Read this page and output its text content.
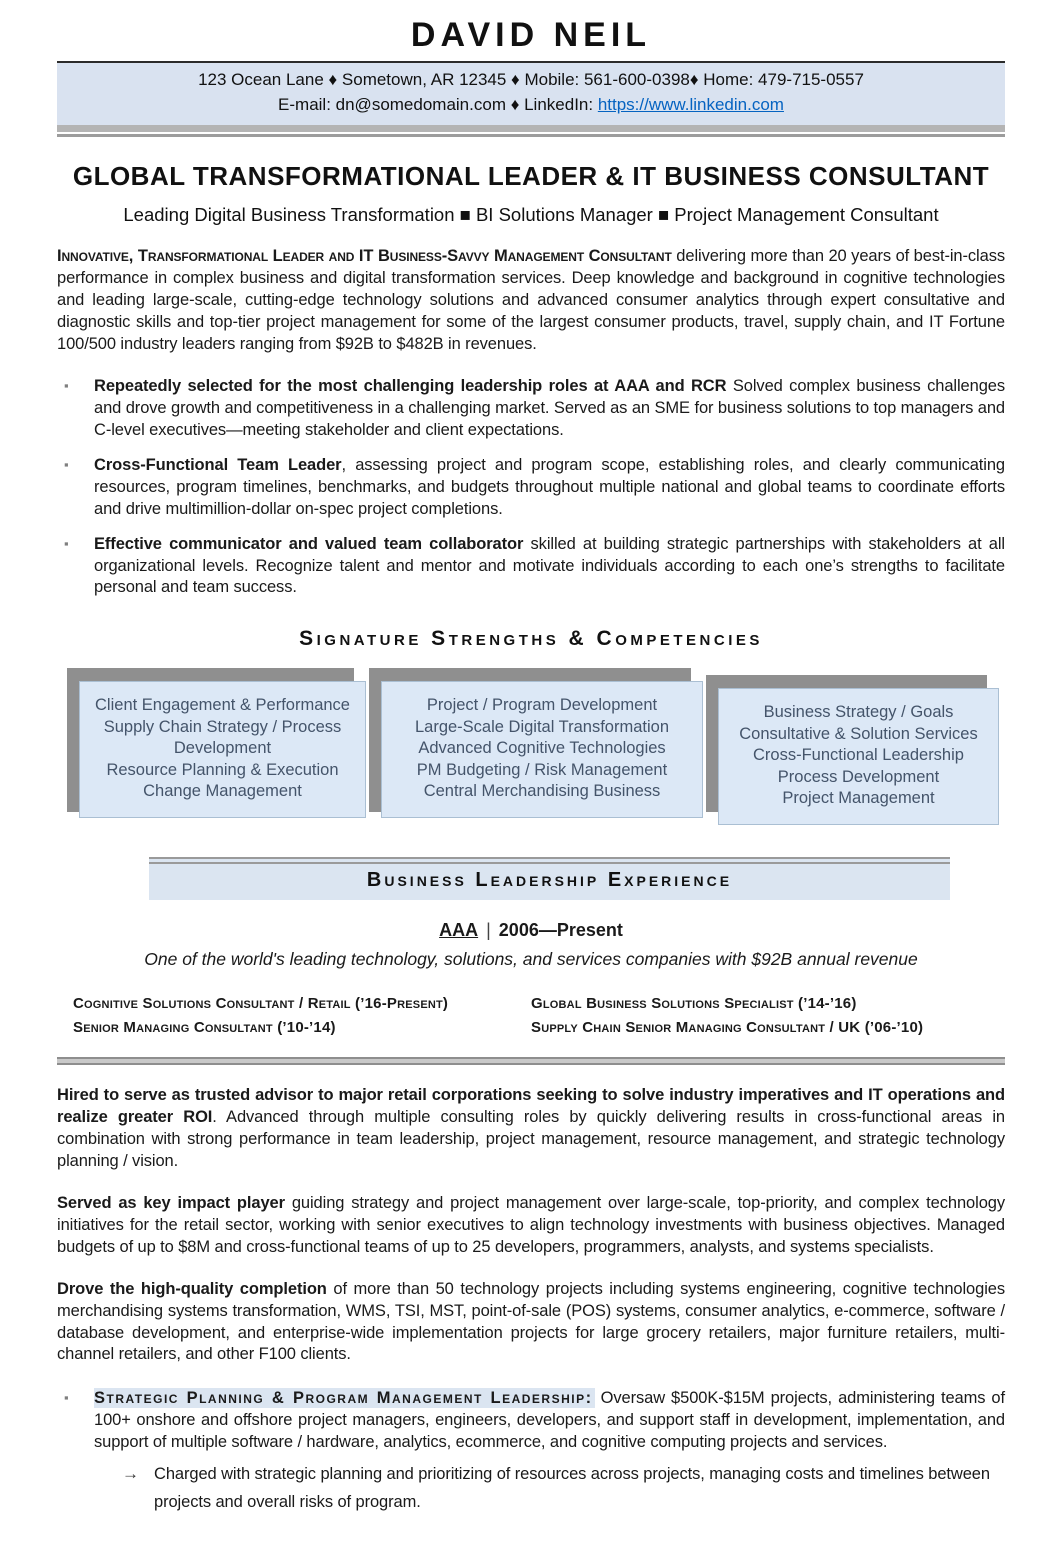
DAVID NEIL
123 Ocean Lane ♦ Sometown, AR 12345 ♦ Mobile: 561-600-0398♦ Home: 479-715-0557
E-mail: dn@somedomain.com ♦ LinkedIn: https://www.linkedin.com
GLOBAL TRANSFORMATIONAL LEADER & IT BUSINESS CONSULTANT
Leading Digital Business Transformation ■ BI Solutions Manager ■ Project Management Consultant

Innovative, Transformational Leader and IT Business-Savvy Management Consultant delivering more than 20 years of best-in-class performance in complex business and digital transformation services. Deep knowledge and background in cognitive technologies and leading large-scale, cutting-edge technology solutions and advanced consumer analytics through expert consultative and diagnostic skills and top-tier project management for some of the largest consumer products, travel, supply chain, and IT Fortune 100/500 industry leaders ranging from $92B to $482B in revenues.

▪ Repeatedly selected for the most challenging leadership roles at AAA and RCR Solved complex business challenges and drove growth and competitiveness in a challenging market. Served as an SME for business solutions to top managers and C-level executives—meeting stakeholder and client expectations.
▪ Cross-Functional Team Leader, assessing project and program scope, establishing roles, and clearly communicating resources, program timelines, benchmarks, and budgets throughout multiple national and global teams to coordinate efforts and drive multimillion-dollar on-spec project completions.
▪ Effective communicator and valued team collaborator skilled at building strategic partnerships with stakeholders at all organizational levels. Recognize talent and mentor and motivate individuals according to each one’s strengths to facilitate personal and team success.
Signature Strengths & Competencies
Client Engagement & Performance
Supply Chain Strategy / Process Development
Resource Planning & Execution
Change Management
Project / Program Development
Large-Scale Digital Transformation
Advanced Cognitive Technologies
PM Budgeting / Risk Management
Central Merchandising Business
Business Strategy / Goals
Consultative & Solution Services
Cross-Functional Leadership
Process Development
Project Management
Business Leadership Experience
AAA | 2006—Present
One of the world's leading technology, solutions, and services companies with $92B annual revenue
Cognitive Solutions Consultant / Retail (’16-Present)
Senior Managing Consultant (’10-’14)
Global Business Solutions Specialist (’14-’16)
Supply Chain Senior Managing Consultant / UK (’06-’10)

Hired to serve as trusted advisor to major retail corporations seeking to solve industry imperatives and IT operations and realize greater ROI. Advanced through multiple consulting roles by quickly delivering results in cross-functional areas in combination with strong performance in team leadership, project management, resource management, and strategic technology planning / vision.

Served as key impact player guiding strategy and project management over large-scale, top-priority, and complex technology initiatives for the retail sector, working with senior executives to align technology investments with business objectives. Managed budgets of up to $8M and cross-functional teams of up to 25 developers, programmers, analysts, and systems specialists.

Drove the high-quality completion of more than 50 technology projects including systems engineering, cognitive technologies merchandising systems transformation, WMS, TSI, MST, point-of-sale (POS) systems, consumer analytics, e-commerce, software / database development, and enterprise-wide implementation projects for large grocery retailers, major furniture retailers, multi-channel retailers, and other F100 clients.

▪ Strategic Planning & Program Management Leadership: Oversaw $500K-$15M projects, administering teams of 100+ onshore and offshore project managers, engineers, developers, and support staff in development, implementation, and support of multiple software / hardware, analytics, ecommerce, and cognitive computing projects and services.
→ Charged with strategic planning and prioritizing of resources across projects, managing costs and timelines between projects and overall risks of program.
